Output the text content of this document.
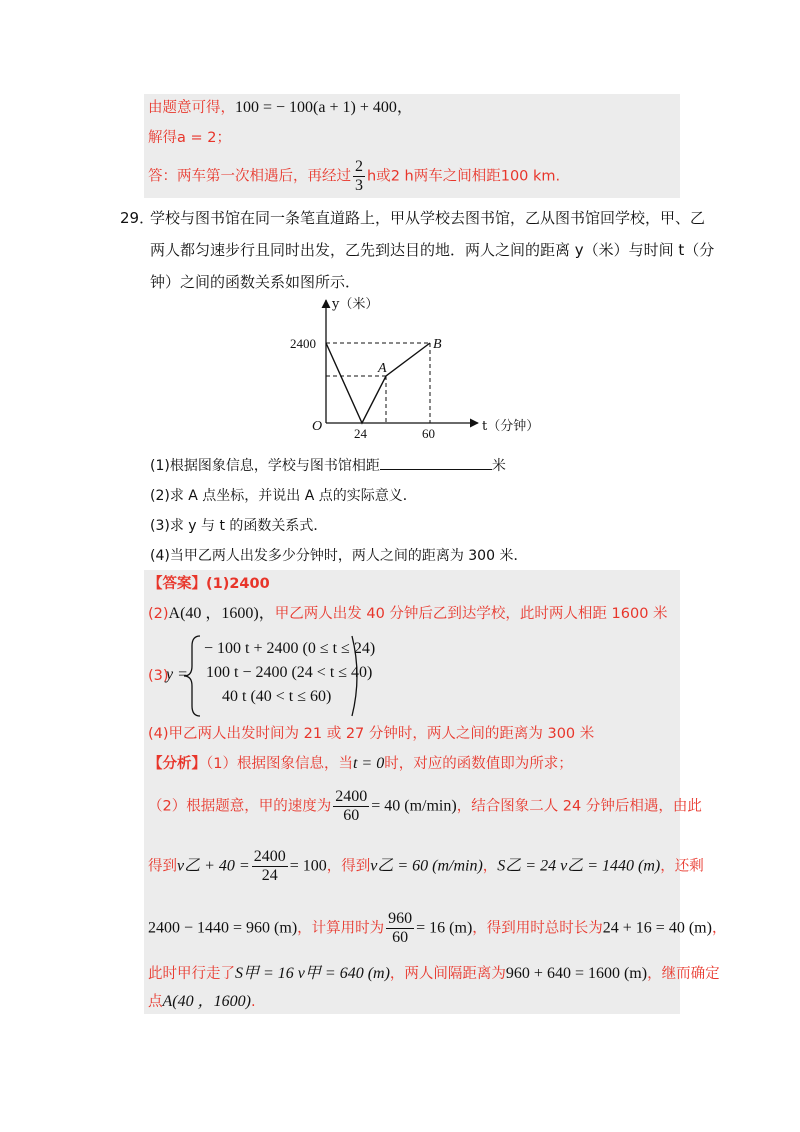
由题意可得，100 = − 100(a + 1) + 400，
解得a = 2；
答：两车第一次相遇后，再经过 $\frac{2}{3}$ h或2 h两车之间相距100 km.
29．
学校与图书馆在同一条笔直道路上，甲从学校去图书馆，乙从图书馆回学校，甲、乙
两人都匀速步行且同时出发，乙先到达目的地．两人之间的距离 y（米）与时间 t（分
钟）之间的函数关系如图所示．
y（米）
t（分钟）
O
2400
24	60
A
B
(1)根据图象信息，学校与图书馆相距	米
(2)求 A 点坐标，并说出 A 点的实际意义．
(3)求 y 与 t 的函数关系式．
(4)当甲乙两人出发多少分钟时，两人之间的距离为 300 米．
【答案】(1)2400
(2)A(40 ，1600)，甲乙两人出发 40 分钟后乙到达学校，此时两人相距 1600 米
(3)
y =
− 100 t + 2400 (0 ≤ t ≤ 24)
100 t − 2400 (24 < t ≤ 40)
40 t (40 < t ≤ 60)
(4)甲乙两人出发时间为 21 或 27 分钟时，两人之间的距离为 300 米
【分析】（1）根据图象信息，当t = 0时，对应的函数值即为所求；
（2）根据题意，甲的速度为 $\frac{2400}{60} = 40$ (m/min)，结合图象二人 24 分钟后相遇，由此
得到v乙 + $40 = \frac{2400}{24} = 100$，得到v乙 = 60 (m/min)，S乙 = 24 v乙 = 1440 (m)，还剩
2400 − 1440 = 960 (m)，计算用时为 $\frac{960}{60} = 16$ (m)，得到用时总时长为24 + 16 = 40 (m)，
此时甲行走了S甲 = 16 v甲 = 640 (m)，两人间隔距离为960 + 640 = 1600 (m)，继而确定
点A(40 ，1600).
